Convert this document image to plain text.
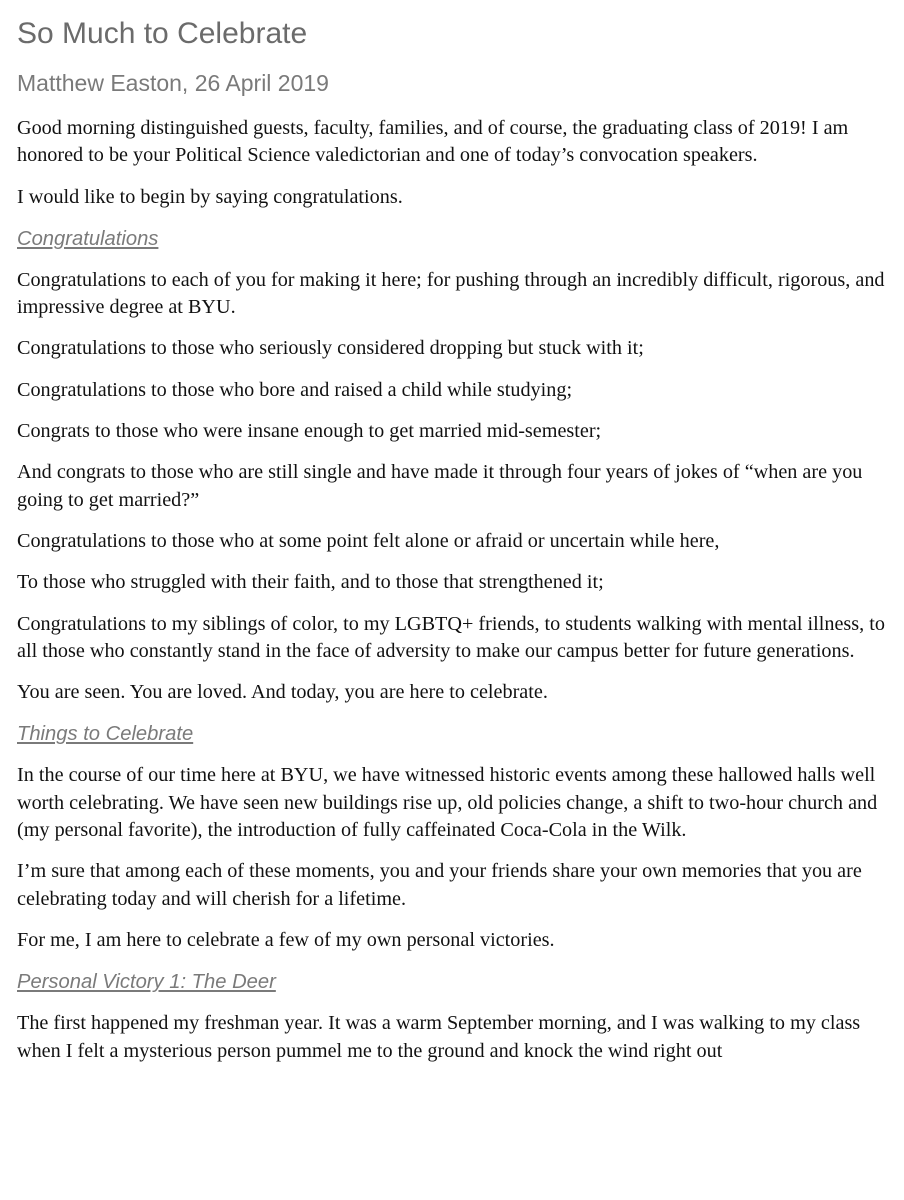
So Much to Celebrate
Matthew Easton, 26 April 2019

Good morning distinguished guests, faculty, families, and of course, the graduating class of 2019! I am honored to be your Political Science valedictorian and one of today’s convocation speakers.

I would like to begin by saying congratulations.

Congratulations

Congratulations to each of you for making it here; for pushing through an incredibly difficult, rigorous, and impressive degree at BYU.

Congratulations to those who seriously considered dropping but stuck with it;

Congratulations to those who bore and raised a child while studying;

Congrats to those who were insane enough to get married mid-semester;

And congrats to those who are still single and have made it through four years of jokes of “when are you going to get married?”

Congratulations to those who at some point felt alone or afraid or uncertain while here,

To those who struggled with their faith, and to those that strengthened it;

Congratulations to my siblings of color, to my LGBTQ+ friends, to students walking with mental illness, to all those who constantly stand in the face of adversity to make our campus better for future generations.

You are seen. You are loved. And today, you are here to celebrate.

Things to Celebrate

In the course of our time here at BYU, we have witnessed historic events among these hallowed halls well worth celebrating. We have seen new buildings rise up, old policies change, a shift to two-hour church and (my personal favorite), the introduction of fully caffeinated Coca-Cola in the Wilk.

I’m sure that among each of these moments, you and your friends share your own memories that you are celebrating today and will cherish for a lifetime.

For me, I am here to celebrate a few of my own personal victories.

Personal Victory 1: The Deer

The first happened my freshman year. It was a warm September morning, and I was walking to my class when I felt a mysterious person pummel me to the ground and knock the wind right out
